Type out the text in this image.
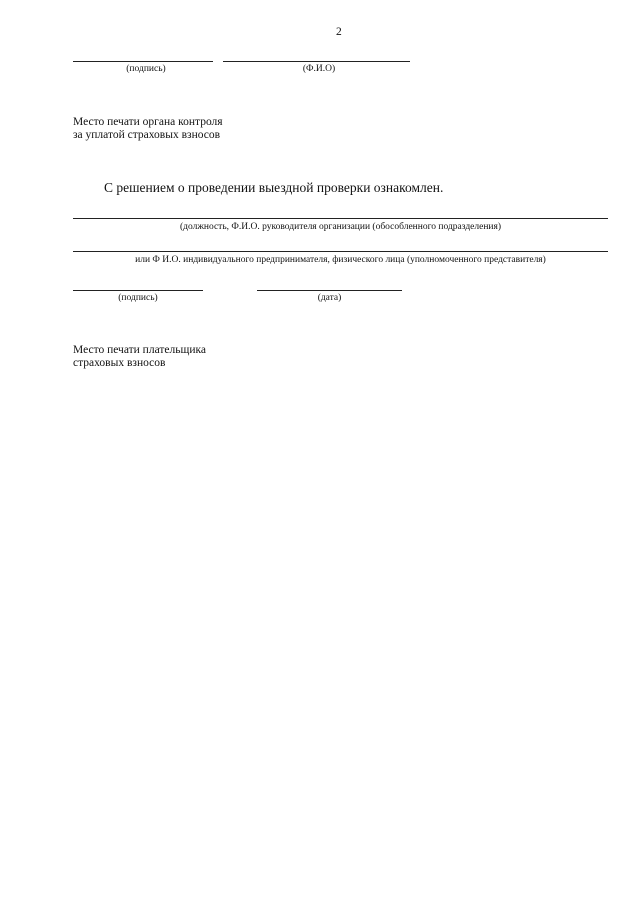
2
(подпись)	(Ф.И.О)
Место печати органа контроля
за уплатой страховых взносов
С решением о проведении выездной проверки ознакомлен.
(должность, Ф.И.О. руководителя организации (обособленного подразделения)
или Ф И.О. индивидуального предпринимателя, физического лица (уполномоченного представителя)
(подпись)	(дата)
Место печати плательщика
страховых взносов
